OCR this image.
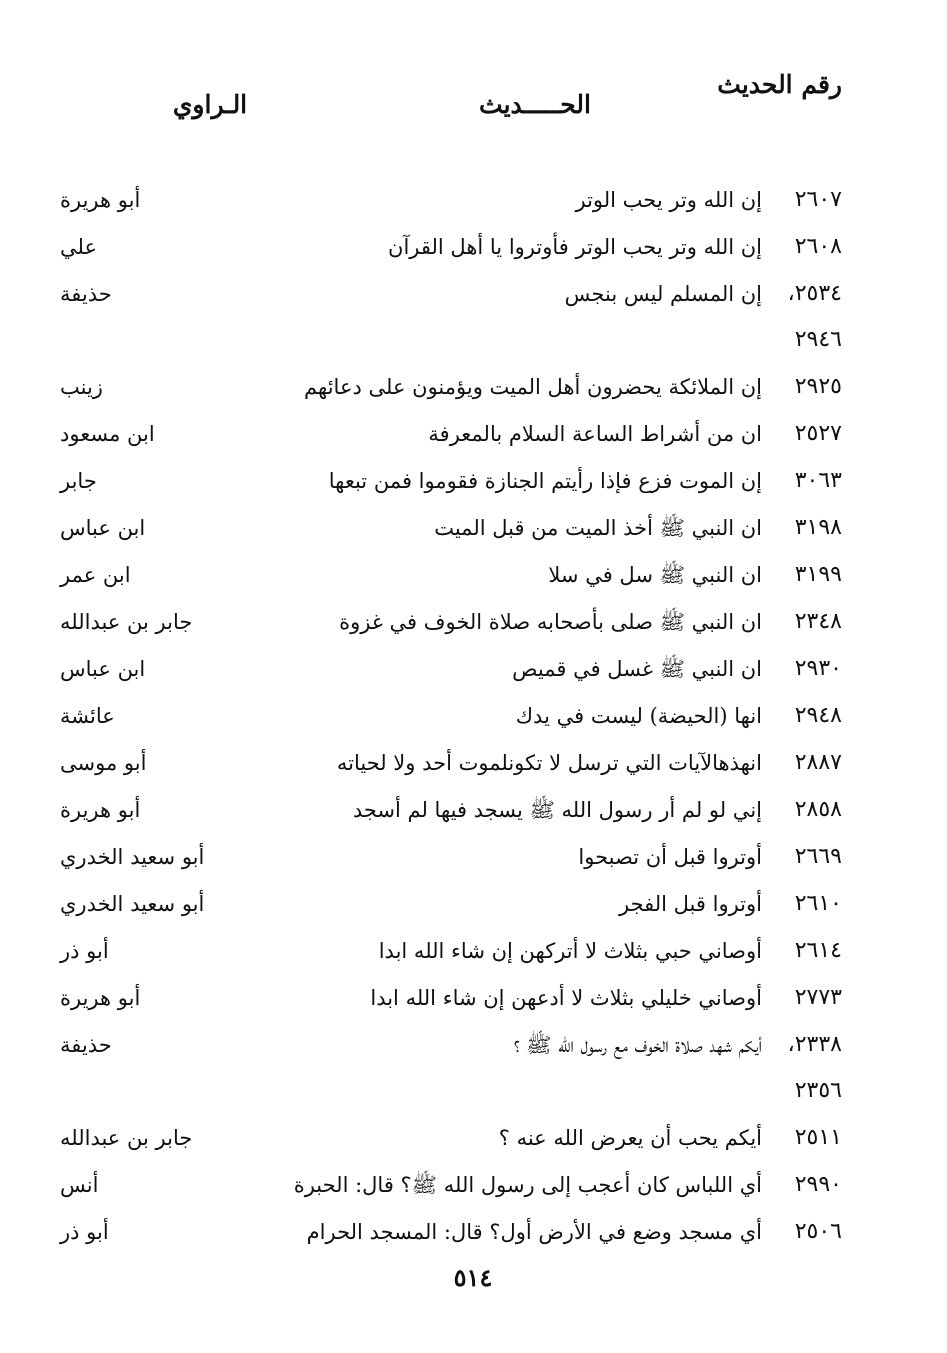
رقم الحديث
الحـــــديث
الـراوي
٢٦٠٧
إن الله وتر يحب الوتر
أبو هريرة
٢٦٠٨
إن الله وتر يحب الوتر فأوتروا يا أهل القرآن
علي
٢٥٣٤،
٢٩٤٦
إن المسلم ليس بنجس
حذيفة
٢٩٢٥
إن الملائكة يحضرون أهل الميت ويؤمنون على دعائهم
زينب
٢٥٢٧
ان من أشراط الساعة السلام بالمعرفة
ابن مسعود
٣٠٦٣
إن الموت فزع فإذا رأيتم الجنازة فقوموا فمن تبعها
جابر
٣١٩٨
ان النبي ﷺ أخذ الميت من قبل الميت
ابن عباس
٣١٩٩
ان النبي ﷺ سل في سلا
ابن عمر
٢٣٤٨
ان النبي ﷺ صلى بأصحابه صلاة الخوف في غزوة
جابر بن عبدالله
٢٩٣٠
ان النبي ﷺ غسل في قميص
ابن عباس
٢٩٤٨
انها (الحيضة) ليست في يدك
عائشة
٢٨٨٧
انهذهالآيات التي ترسل لا تكونلموت أحد ولا لحياته
أبو موسى
٢٨٥٨
إني لو لم أر رسول الله ﷺ يسجد فيها لم أسجد
أبو هريرة
٢٦٦٩
أوتروا قبل أن تصبحوا
أبو سعيد الخدري
٢٦١٠
أوتروا قبل الفجر
أبو سعيد الخدري
٢٦١٤
أوصاني حبي بثلاث لا أتركهن إن شاء الله ابدا
أبو ذر
٢٧٧٣
أوصاني خليلي بثلاث لا أدعهن إن شاء الله ابدا
أبو هريرة
٢٣٣٨،
٢٣٥٦
أيكم شهد صلاة الخوف مع رسول الله ﷺ ؟
حذيفة
٢٥١١
أيكم يحب أن يعرض الله عنه ؟
جابر بن عبدالله
٢٩٩٠
أي اللباس كان أعجب إلى رسول الله ﷺ؟ قال: الحبرة
أنس
٢٥٠٦
أي مسجد وضع في الأرض أول؟ قال: المسجد الحرام
أبو ذر
٥١٤
